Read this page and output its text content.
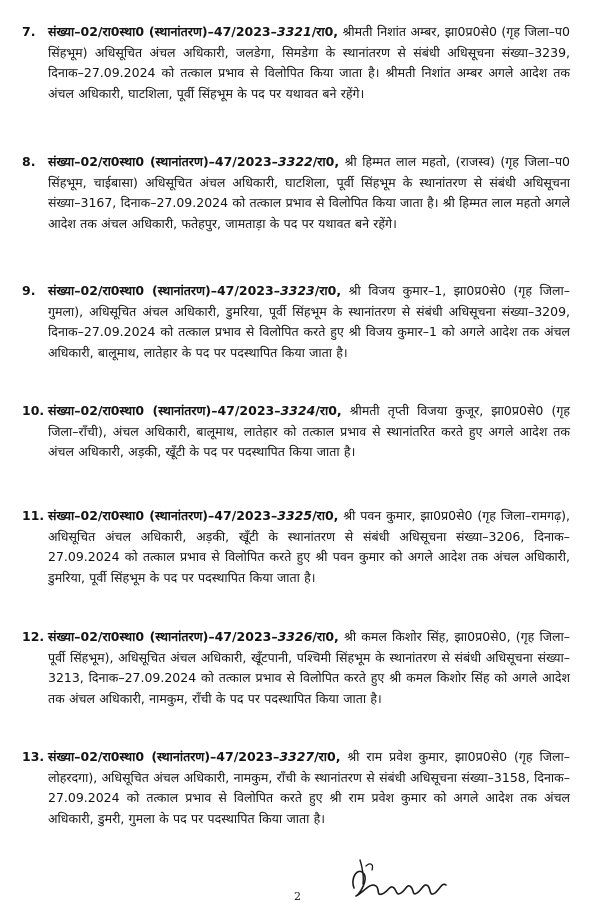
7. संख्या–02/रा0स्था0 (स्थानांतरण)–47/2023–3321/रा0, श्रीमती निशांत अम्बर, झा0प्र0से0 (गृह जिला–प0 सिंहभूम) अधिसूचित अंचल अधिकारी, जलडेगा, सिमडेगा के स्थानांतरण से संबंधी अधिसूचना संख्या–3239, दिनाक–27.09.2024 को तत्काल प्रभाव से विलोपित किया जाता है। श्रीमती निशांत अम्बर अगले आदेश तक अंचल अधिकारी, घाटशिला, पूर्वी सिंहभूम के पद पर यथावत बने रहेंगे।
8. संख्या–02/रा0स्था0 (स्थानांतरण)–47/2023–3322/रा0, श्री हिम्मत लाल महतो, (राजस्व) (गृह जिला–प0 सिंहभूम, चाईबासा) अधिसूचित अंचल अधिकारी, घाटशिला, पूर्वी सिंहभूम के स्थानांतरण से संबंधी अधिसूचना संख्या–3167, दिनाक–27.09.2024 को तत्काल प्रभाव से विलोपित किया जाता है। श्री हिम्मत लाल महतो अगले आदेश तक अंचल अधिकारी, फतेहपुर, जामताड़ा के पद पर यथावत बने रहेंगे।
9. संख्या–02/रा0स्था0 (स्थानांतरण)–47/2023–3323/रा0, श्री विजय कुमार–1, झा0प्र0से0 (गृह जिला–गुमला), अधिसूचित अंचल अधिकारी, डुमरिया, पूर्वी सिंहभूम के स्थानांतरण से संबंधी अधिसूचना संख्या–3209, दिनाक–27.09.2024 को तत्काल प्रभाव से विलोपित करते हुए श्री विजय कुमार–1 को अगले आदेश तक अंचल अधिकारी, बालूमाथ, लातेहार के पद पर पदस्थापित किया जाता है।
10. संख्या–02/रा0स्था0 (स्थानांतरण)–47/2023–3324/रा0, श्रीमती तृप्ती विजया कुजूर, झा0प्र0से0 (गृह जिला–राँची), अंचल अधिकारी, बालूमाथ, लातेहार को तत्काल प्रभाव से स्थानांतरित करते हुए अगले आदेश तक अंचल अधिकारी, अड़की, खूँटी के पद पर पदस्थापित किया जाता है।
11. संख्या–02/रा0स्था0 (स्थानांतरण)–47/2023–3325/रा0, श्री पवन कुमार, झा0प्र0से0 (गृह जिला–रामगढ़), अधिसूचित अंचल अधिकारी, अड़की, खूँटी के स्थानांतरण से संबंधी अधिसूचना संख्या–3206, दिनाक–27.09.2024 को तत्काल प्रभाव से विलोपित करते हुए श्री पवन कुमार को अगले आदेश तक अंचल अधिकारी, डुमरिया, पूर्वी सिंहभूम के पद पर पदस्थापित किया जाता है।
12. संख्या–02/रा0स्था0 (स्थानांतरण)–47/2023–3326/रा0, श्री कमल किशोर सिंह, झा0प्र0से0, (गृह जिला–पूर्वी सिंहभूम), अधिसूचित अंचल अधिकारी, खूँटपानी, पश्चिमी सिंहभूम के स्थानांतरण से संबंधी अधिसूचना संख्या–3213, दिनाक–27.09.2024 को तत्काल प्रभाव से विलोपित करते हुए श्री कमल किशोर सिंह को अगले आदेश तक अंचल अधिकारी, नामकुम, राँची के पद पर पदस्थापित किया जाता है।
13. संख्या–02/रा0स्था0 (स्थानांतरण)–47/2023–3327/रा0, श्री राम प्रवेश कुमार, झा0प्र0से0 (गृह जिला–लोहरदगा), अधिसूचित अंचल अधिकारी, नामकुम, राँची के स्थानांतरण से संबंधी अधिसूचना संख्या–3158, दिनाक–27.09.2024 को तत्काल प्रभाव से विलोपित करते हुए श्री राम प्रवेश कुमार को अगले आदेश तक अंचल अधिकारी, डुमरी, गुमला के पद पर पदस्थापित किया जाता है।
2
